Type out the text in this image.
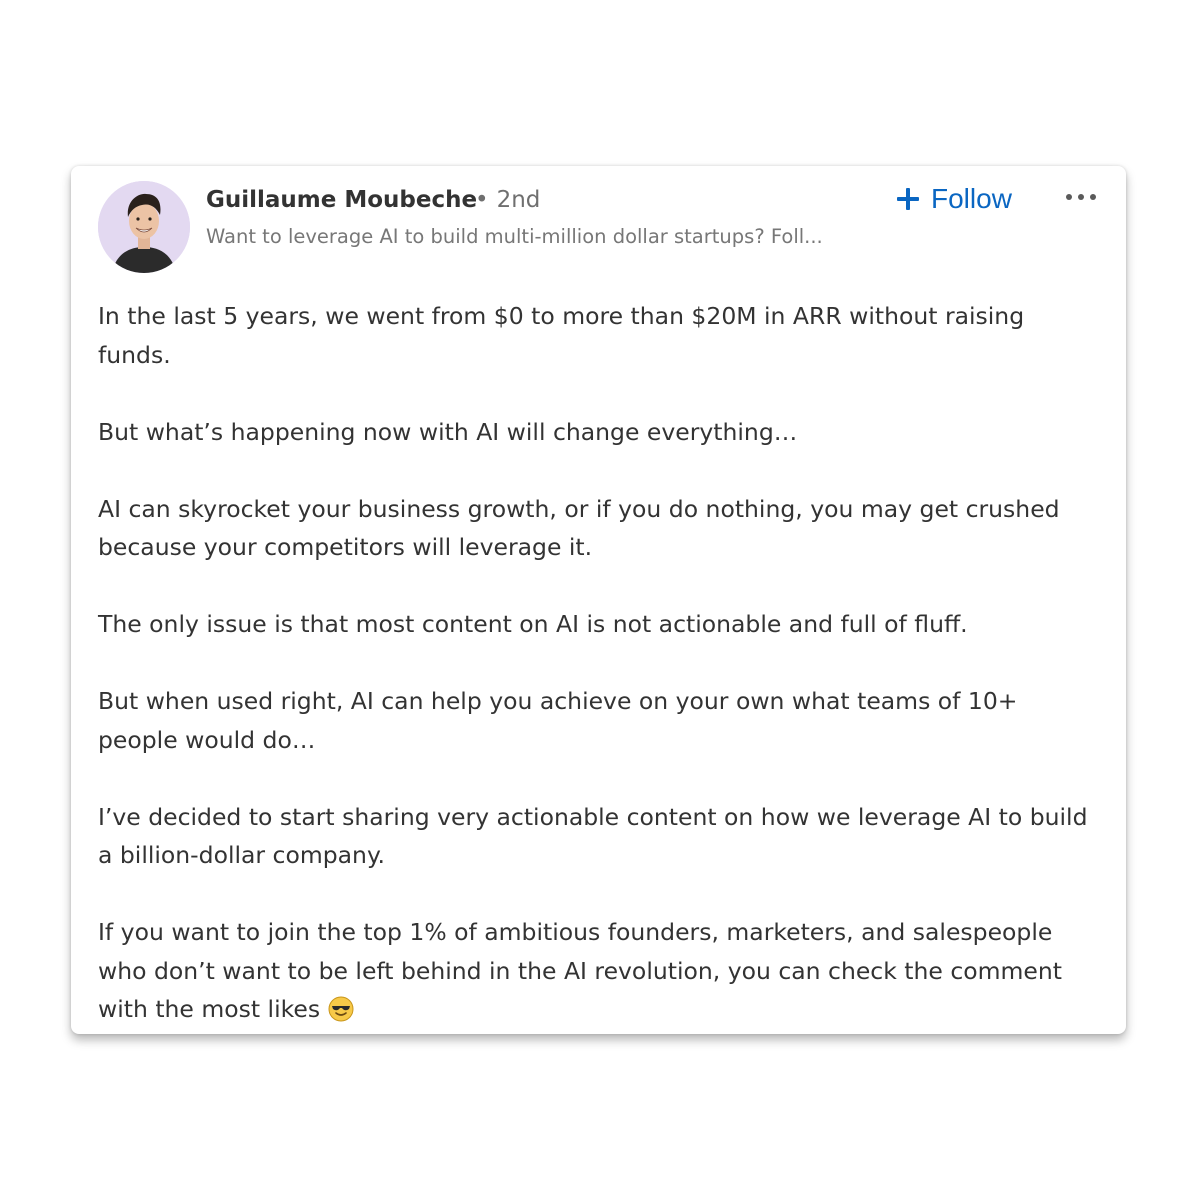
Guillaume Moubeche
• 2nd
Want to leverage AI to build multi-million dollar startups? Foll...
Follow

In the last 5 years, we went from $0 to more than $20M in ARR without raising funds.

But what’s happening now with AI will change everything…

AI can skyrocket your business growth, or if you do nothing, you may get crushed because your competitors will leverage it.

The only issue is that most content on AI is not actionable and full of fluff.

But when used right, AI can help you achieve on your own what teams of 10+ people would do…

I’ve decided to start sharing very actionable content on how we leverage AI to build a billion-dollar company.

If you want to join the top 1% of ambitious founders, marketers, and salespeople who don’t want to be left behind in the AI revolution, you can check the comment with the most likes
